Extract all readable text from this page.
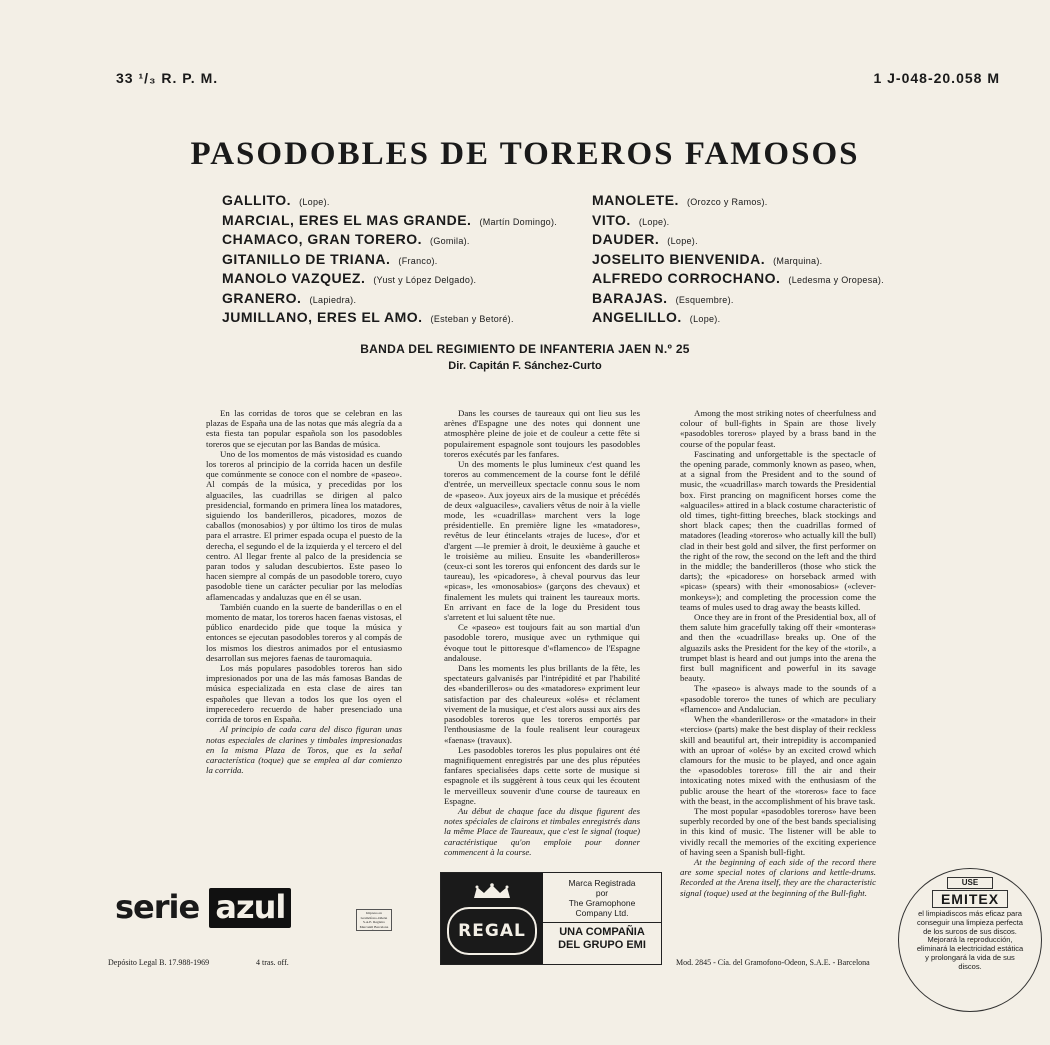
33 ¹/₃ R. P. M.	1 J-048-20.058 M
PASODOBLES DE TOREROS FAMOSOS
GALLITO. (Lope).
MARCIAL, ERES EL MAS GRANDE. (Martín Domingo).
CHAMACO, GRAN TORERO. (Gomila).
GITANILLO DE TRIANA. (Franco).
MANOLO VAZQUEZ. (Yust y López Delgado).
GRANERO. (Lapiedra).
JUMILLANO, ERES EL AMO. (Esteban y Betoré).
MANOLETE. (Orozco y Ramos).
VITO. (Lope).
DAUDER. (Lope).
JOSELITO BIENVENIDA. (Marquina).
ALFREDO CORROCHANO. (Ledesma y Oropesa).
BARAJAS. (Esquembre).
ANGELILLO. (Lope).
BANDA DEL REGIMIENTO DE INFANTERIA JAEN N.º 25
Dir. Capitán F. Sánchez-Curto

En las corridas de toros que se celebran en las plazas de España una de las notas que más alegría da a esta fiesta tan popular española son los pasodobles toreros que se ejecutan por las Bandas de música.

Uno de los momentos de más vistosidad es cuando los toreros al principio de la corrida hacen un desfile que comúnmente se conoce con el nombre de «paseo». Al compás de la música, y precedidas por los alguaciles, las cuadrillas se dirigen al palco presidencial, formando en primera línea los matadores, siguiendo los banderilleros, picadores, mozos de caballos (monosabios) y por último los tiros de mulas para el arrastre. El primer espada ocupa el puesto de la derecha, el segundo el de la izquierda y el tercero el del centro. Al llegar frente al palco de la presidencia se paran todos y saludan descubiertos. Este paseo lo hacen siempre al compás de un pasodoble torero, cuyo pasodoble tiene un carácter peculiar por las melodías aflamencadas y andaluzas que en él se usan.

También cuando en la suerte de banderillas o en el momento de matar, los toreros hacen faenas vistosas, el público enardecido pide que toque la música y entonces se ejecutan pasodobles toreros y al compás de los mismos los diestros animados por el entusiasmo desarrollan sus mejores faenas de tauromaquia.

Los más populares pasodobles toreros han sido impresionados por una de las más famosas Bandas de música especializada en esta clase de aires tan españoles que llevan a todos los que los oyen el imperecedero recuerdo de haber presenciado una corrida de toros en España.

Al principio de cada cara del disco figuran unas notas especiales de clarines y timbales impresionadas en la misma Plaza de Toros, que es la señal característica (toque) que se emplea al dar comienzo la corrida.

Dans les courses de taureaux qui ont lieu sus les arènes d'Espagne une des notes qui donnent une atmosphère pleine de joie et de couleur a cette fête si populairement espagnole sont toujours les pasodobles toreros exécutés par les fanfares.

Un des moments le plus lumineux c'est quand les toreros au commencement de la course font le défilé d'entrée, un merveilleux spectacle connu sous le nom de «paseo». Aux joyeux airs de la musique et précédés de deux «alguaciles», cavaliers vêtus de noir à la vielle mode, les «cuadrillas» marchent vers la loge présidentielle. En première ligne les «matadores», revêtus de leur étincelants «trajes de luces», d'or et d'argent —le premier à droit, le deuxième à gauche et le troisième au milieu. Ensuite les «banderilleros» (ceux-ci sont les toreros qui enfoncent des dards sur le taureau), les «picadores», à cheval pourvus das leur «picas», les «monosabios» (garçons des chevaux) et finalement les mulets qui trainent les taureaux morts. En arrivant en face de la loge du President tous s'arretent et lui saluent tête nue.

Ce «paseo» est toujours fait au son martial d'un pasodoble torero, musique avec un rythmique qui évoque tout le pittoresque d'«flamenco» de l'Espagne andalouse.

Dans les moments les plus brillants de la fête, les spectateurs galvanisés par l'intrépidité et par l'habilité des «banderilleros» ou des «matadores» expriment leur satisfaction par des chaleureux «olés» et réclament vivement de la musique, et c'est alors aussi aux airs des pasodobles toreros que les toreros emportés par l'enthousiasme de la foule realisent leur courageux «faenas» (travaux).

Les pasodobles toreros les plus populaires ont été magnifiquement enregistrés par une des plus réputées fanfares specialisées daps cette sorte de musique si espagnole et ils suggèrent à tous ceux qui les écoutent le merveilleux souvenir d'une course de taureaux en Espagne.

Au début de chaque face du disque figurent des notes spéciales de clairons et timbales enregistrés dans la même Place de Taureaux, que c'est le signal (toque) caractéristique qu'on emploie pour donner commencent à la course.

Among the most striking notes of cheerfulness and colour of bull-fights in Spain are those lively «pasodobles toreros» played by a brass band in the course of the popular feast.

Fascinating and unforgettable is the spectacle of the opening parade, commonly known as paseo, when, at a signal from the President and to the sound of music, the «cuadrillas» march towards the Presidential box. First prancing on magnificent horses come the «alguaciles» attired in a black costume characteristic of old times, tight-fitting breeches, black stockings and short black capes; then the cuadrillas formed of matadores (leading «toreros» who actually kill the bull) clad in their best gold and silver, the first performer on the right of the row, the second on the left and the third in the middle; the banderilleros (those who stick the darts); the «picadores» on horseback armed with «picas» (spears) with their «monosabios» («clever-monkeys»); and completing the procession come the teams of mules used to drag away the beasts killed.

Once they are in front of the Presidential box, all of them salute him gracefully taking off their «monteras» and then the «cuadrillas» breaks up. One of the alguazils asks the President for the key of the «toril», a trumpet blast is heard and out jumps into the arena the first bull magnificent and powerful in its savage beauty.

The «paseo» is always made to the sounds of a «pasodoble torero» the tunes of which are peculiary «flamenco» and Andalucian.

When the «banderilleros» or the «matador» in their «tercios» (parts) make the best display of their reckless skill and beautiful art, their intrepidity is accompanied with an uproar of «olés» by an excited crowd which clamours for the music to be played, and once again the «pasodobles toreros» fill the air and their intoxicating notes mixed with the enthusiasm of the public arouse the heart of the «toreros» face to face with the beast, in the accomplishment of his brave task.

The most popular «pasodobles toreros» have been superbly recorded by one of the best bands specialising in this kind of music. The listener will be able to vividly recall the memories of the exciting experience of having seen a Spanish bull-fight.

At the beginning of each side of the record there are some special notes of clarions and kettle-drums. Recorded at the Arena itself, they are the characteristic signal (toque) used at the beginning of the Bull-fight.

serie azul	Impreso en Gramófono-Odeón S.A.E. Registro Mercantil Barcelona N.º 125	REGAL
Marca Registrada
por
The Gramophone
Company Ltd.
UNA COMPAÑIA
DEL GRUPO EMI
Depósito Legal B. 17.988-1969	4 tras. off.	Mod. 2845 - Cía. del Gramofono-Odeon, S.A.E. - Barcelona
USE
EMITEX
el limpiadiscos más eficaz para conseguir una limpieza perfecta de los surcos de sus discos. Mejorará la reproducción, eliminará la electricidad estática y prolongará la vida de sus discos.
